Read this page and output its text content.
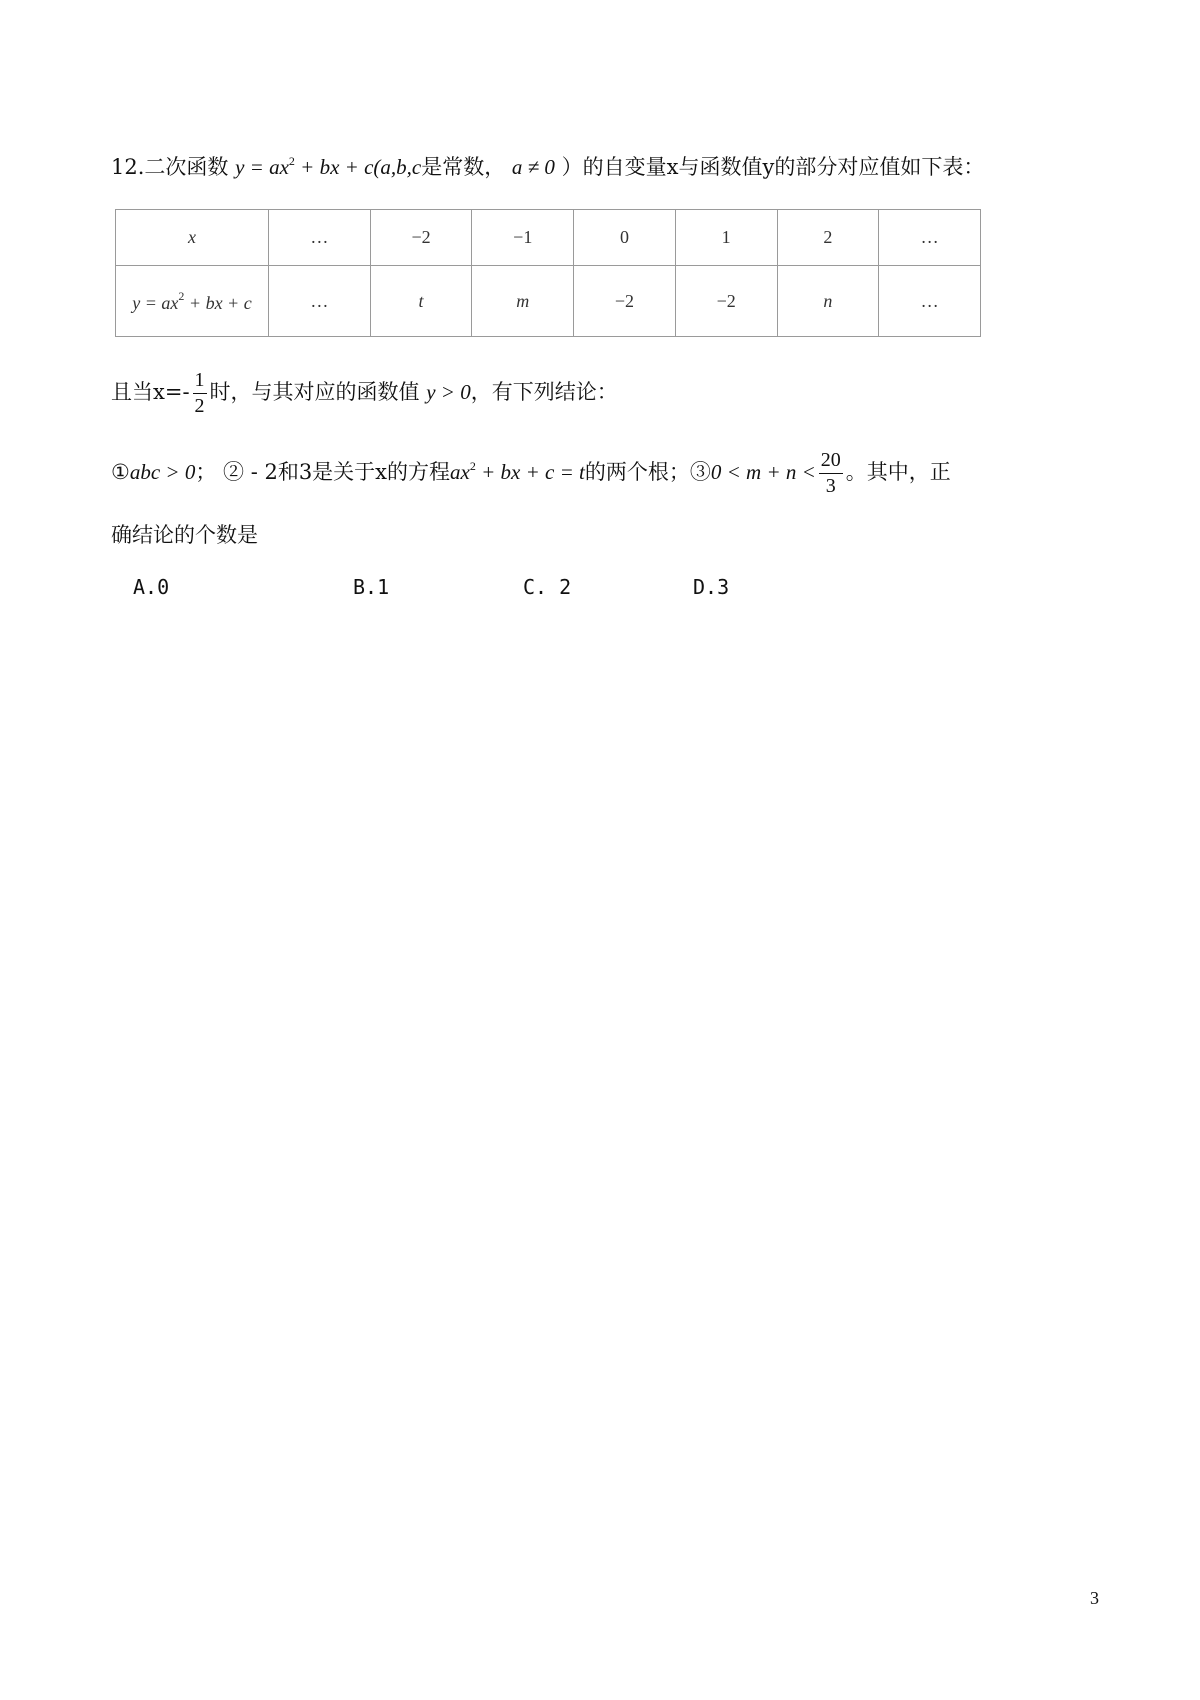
12.二次函数 $y = ax^2$ + bx + c(a,b,c是常数， a ≠ 0 ）的自变量x与函数值y的部分对应值如下表：
x	…	−2	−1	0	1	2	…
$y = ax^2$ + bx + c	…	t	m	−2	−2	n	…
且当$x=- \frac{1}{2}$ 时，与其对应的函数值 y > 0，有下列结论：
①abc > 0； ② - 2和3是关于x的方程$ax^2$ + bx + c = t的两个根；③0 < $m + n < \frac{20}{3}$ 。其中，正
确结论的个数是
A.0	B.1	C. 2	D.3
3
